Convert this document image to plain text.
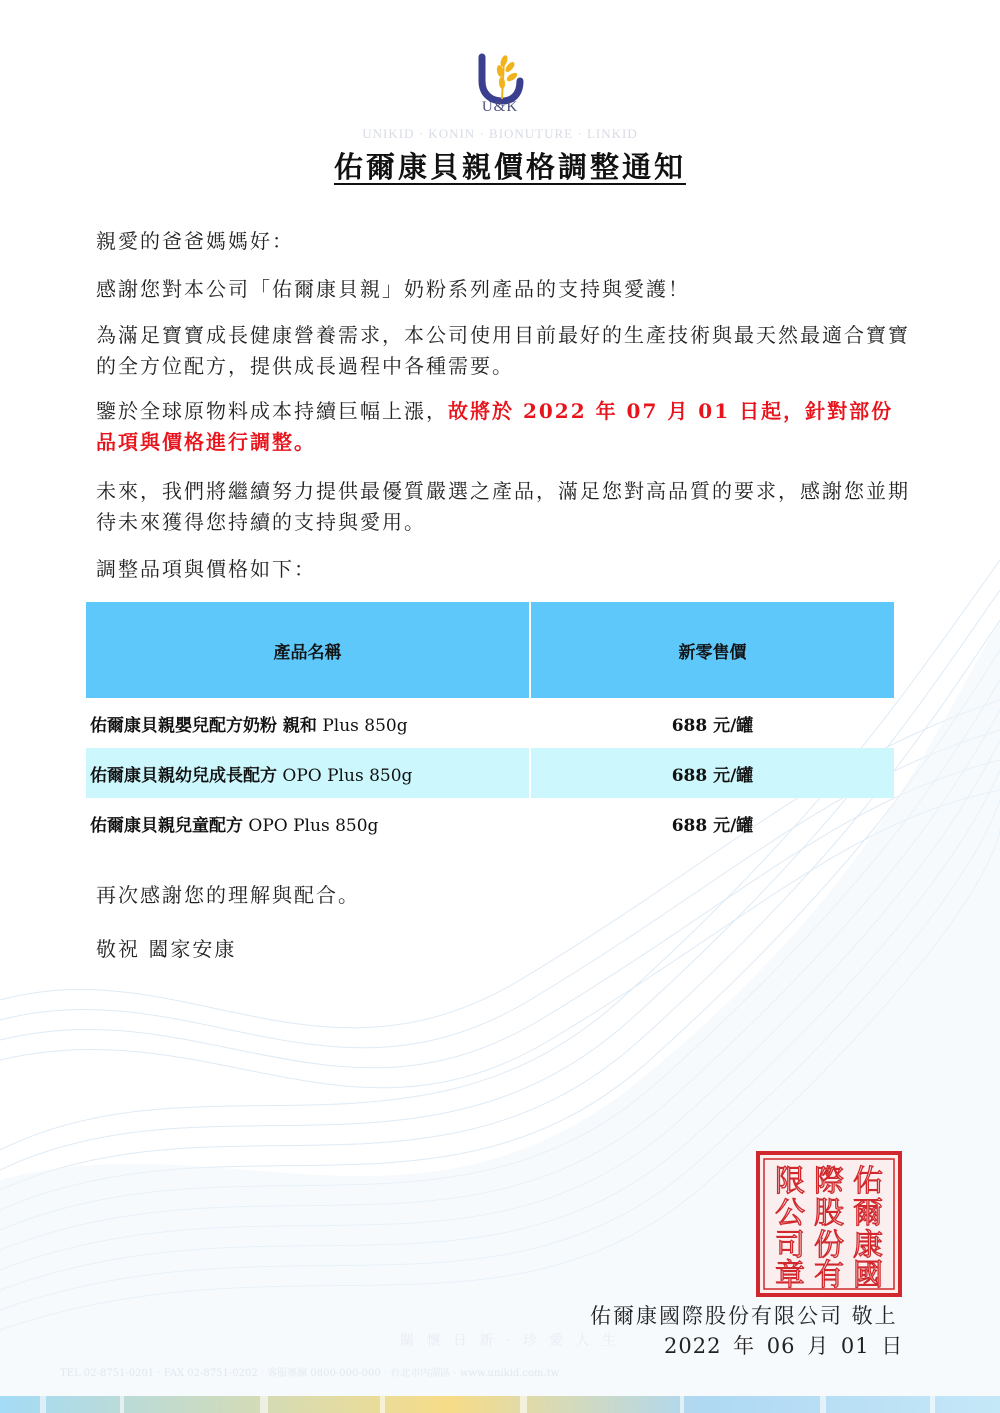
U&K
UNIKID · KONIN · BIONUTURE · LINKID
佑爾康貝親價格調整通知
親愛的爸爸媽媽好：
感謝您對本公司「佑爾康貝親」奶粉系列產品的支持與愛護！
為滿足寶寶成長健康營養需求，本公司使用目前最好的生產技術與最天然最適合寶寶的全方位配方，提供成長過程中各種需要。
鑒於全球原物料成本持續巨幅上漲，故將於 2022 年 07 月 01 日起，針對部份品項與價格進行調整。
未來，我們將繼續努力提供最優質嚴選之產品，滿足您對高品質的要求，感謝您並期待未來獲得您持續的支持與愛用。
調整品項與價格如下：
產品名稱	新零售價
佑爾康貝親嬰兒配方奶粉 親和 Plus 850g	688 元/罐
佑爾康貝親幼兒成長配方 OPO Plus 850g	688 元/罐
佑爾康貝親兒童配方 OPO Plus 850g	688 元/罐
再次感謝您的理解與配合。
敬祝 闔家安康
佑
爾
康
國
際
股
份
有
限
公
司
章
關 懷 日 新 · 珍 愛 人 生
佑爾康國際股份有限公司 敬上
2022 年 06 月 01 日
TEL 02-8751-0201 · FAX 02-8751-0202 · 客服專線 0800-000-000 · 台北市內湖區 · www.unikid.com.tw
